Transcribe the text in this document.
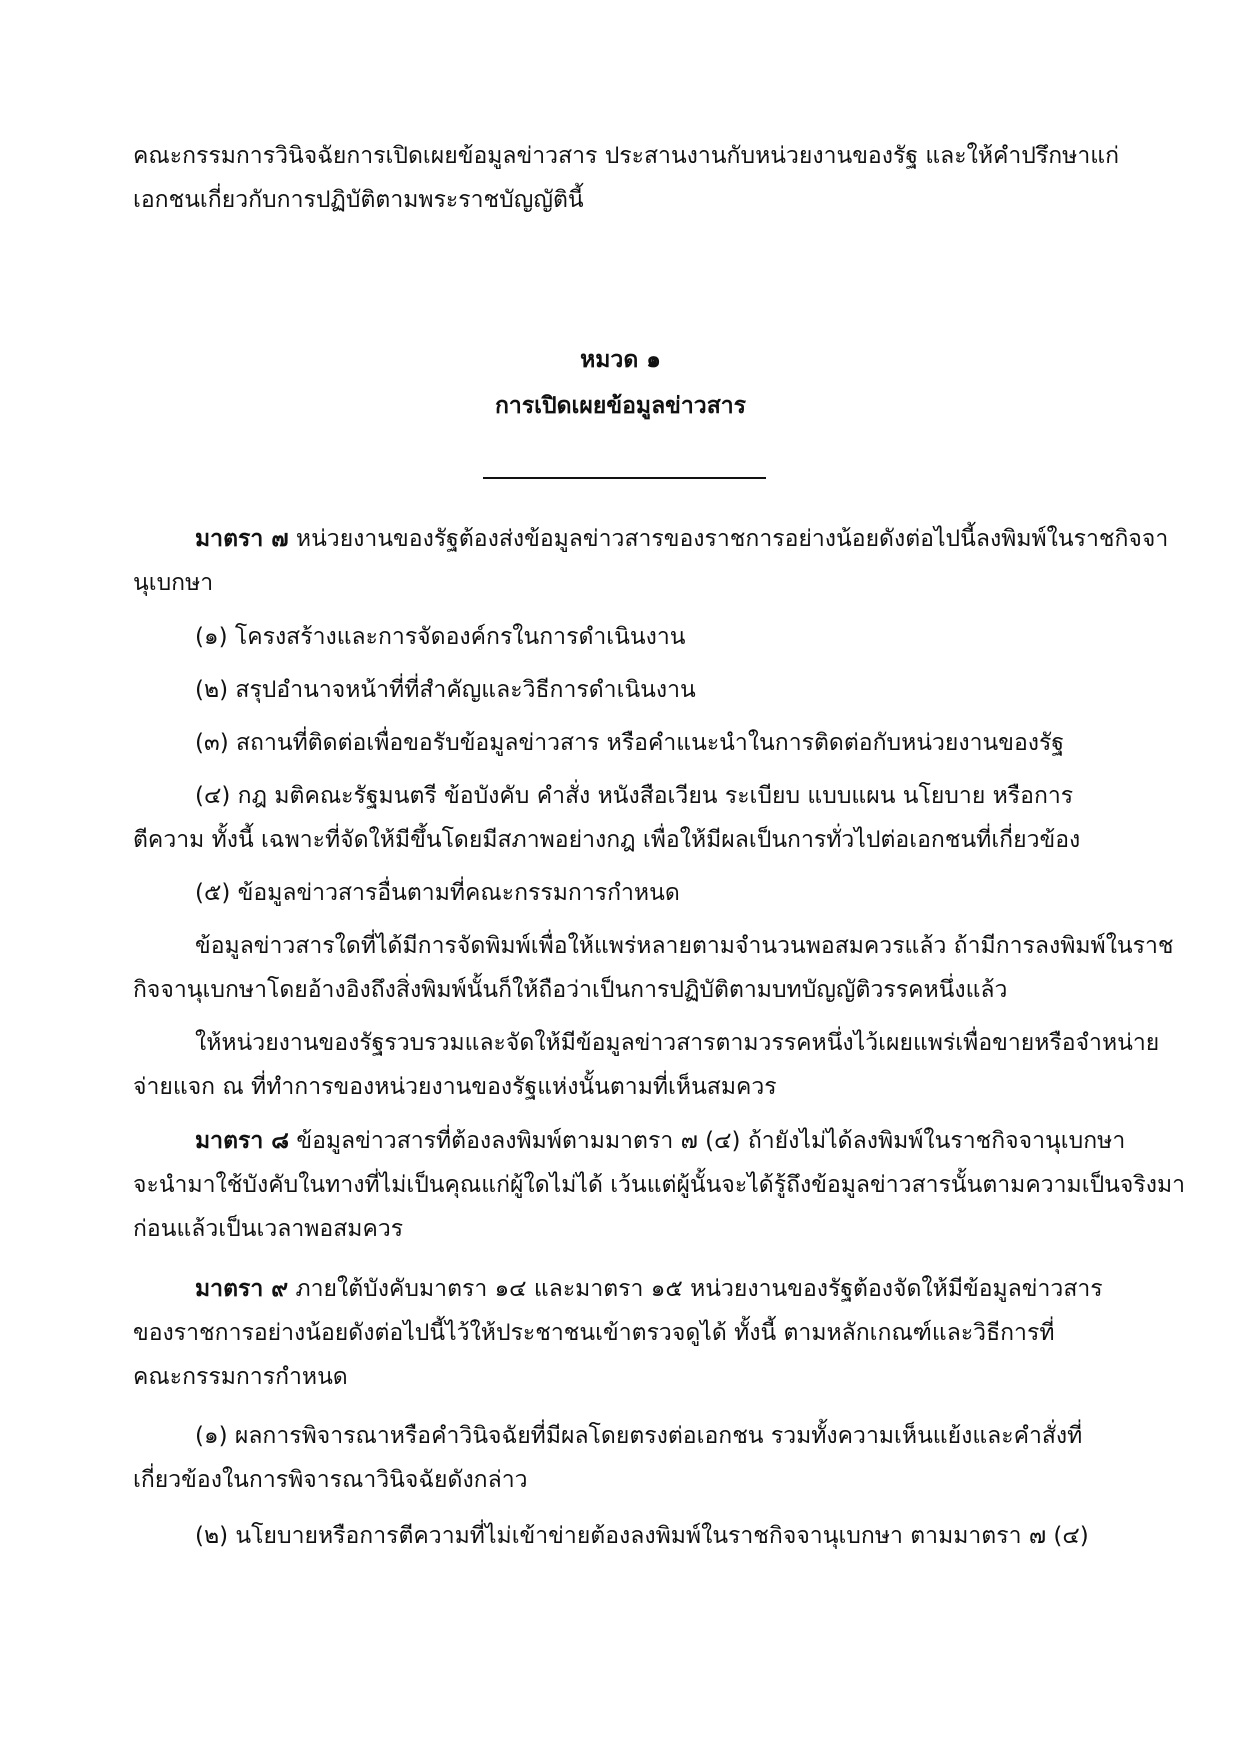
คณะกรรมการวินิจฉัยการเปิดเผยข้อมูลข่าวสาร ประสานงานกับหน่วยงานของรัฐ และให้คำปรึกษาแก่
เอกชนเกี่ยวกับการปฏิบัติตามพระราชบัญญัตินี้
หมวด ๑
การเปิดเผยข้อมูลข่าวสาร
มาตรา ๗ หน่วยงานของรัฐต้องส่งข้อมูลข่าวสารของราชการอย่างน้อยดังต่อไปนี้ลงพิมพ์ในราชกิจจา
นุเบกษา
(๑) โครงสร้างและการจัดองค์กรในการดำเนินงาน
(๒) สรุปอำนาจหน้าที่ที่สำคัญและวิธีการดำเนินงาน
(๓) สถานที่ติดต่อเพื่อขอรับข้อมูลข่าวสาร หรือคำแนะนำในการติดต่อกับหน่วยงานของรัฐ
(๔) กฎ มติคณะรัฐมนตรี ข้อบังคับ คำสั่ง หนังสือเวียน ระเบียบ แบบแผน นโยบาย หรือการ
ตีความ ทั้งนี้ เฉพาะที่จัดให้มีขึ้นโดยมีสภาพอย่างกฎ เพื่อให้มีผลเป็นการทั่วไปต่อเอกชนที่เกี่ยวข้อง
(๕) ข้อมูลข่าวสารอื่นตามที่คณะกรรมการกำหนด
ข้อมูลข่าวสารใดที่ได้มีการจัดพิมพ์เพื่อให้แพร่หลายตามจำนวนพอสมควรแล้ว ถ้ามีการลงพิมพ์ในราช
กิจจานุเบกษาโดยอ้างอิงถึงสิ่งพิมพ์นั้นก็ให้ถือว่าเป็นการปฏิบัติตามบทบัญญัติวรรคหนึ่งแล้ว
ให้หน่วยงานของรัฐรวบรวมและจัดให้มีข้อมูลข่าวสารตามวรรคหนึ่งไว้เผยแพร่เพื่อขายหรือจำหน่าย
จ่ายแจก ณ ที่ทำการของหน่วยงานของรัฐแห่งนั้นตามที่เห็นสมควร
มาตรา ๘ ข้อมูลข่าวสารที่ต้องลงพิมพ์ตามมาตรา ๗ (๔) ถ้ายังไม่ได้ลงพิมพ์ในราชกิจจานุเบกษา
จะนำมาใช้บังคับในทางที่ไม่เป็นคุณแก่ผู้ใดไม่ได้ เว้นแต่ผู้นั้นจะได้รู้ถึงข้อมูลข่าวสารนั้นตามความเป็นจริงมา
ก่อนแล้วเป็นเวลาพอสมควร
มาตรา ๙ ภายใต้บังคับมาตรา ๑๔ และมาตรา ๑๕ หน่วยงานของรัฐต้องจัดให้มีข้อมูลข่าวสาร
ของราชการอย่างน้อยดังต่อไปนี้ไว้ให้ประชาชนเข้าตรวจดูได้ ทั้งนี้ ตามหลักเกณฑ์และวิธีการที่
คณะกรรมการกำหนด
(๑) ผลการพิจารณาหรือคำวินิจฉัยที่มีผลโดยตรงต่อเอกชน รวมทั้งความเห็นแย้งและคำสั่งที่
เกี่ยวข้องในการพิจารณาวินิจฉัยดังกล่าว
(๒) นโยบายหรือการตีความที่ไม่เข้าข่ายต้องลงพิมพ์ในราชกิจจานุเบกษา ตามมาตรา ๗ (๔)
